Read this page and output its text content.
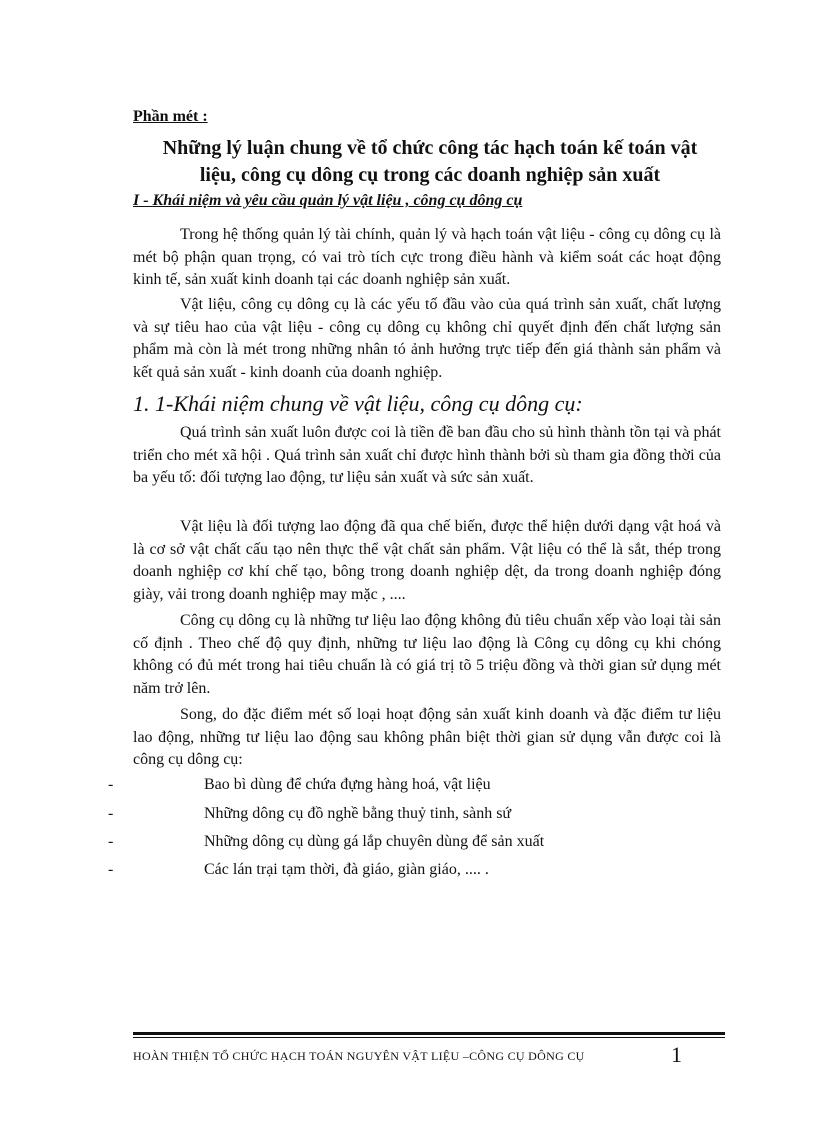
Phần mét :
Những lý luận chung về tổ chức công tác hạch toán kế toán vật
liệu, công cụ dông cụ trong các doanh nghiệp sản xuất
I - Khái niệm và yêu cầu quản lý vật liệu , công cụ dông cụ

Trong hệ thống quản lý tài chính, quản lý và hạch toán vật liệu - công cụ dông cụ là mét bộ phận quan trọng, có vai trò tích cực trong điều hành và kiểm soát các hoạt động kinh tế, sản xuất kinh doanh tại các doanh nghiệp sản xuất.

Vật liệu, công cụ dông cụ là các yếu tố đầu vào của quá trình sản xuất, chất lượng và sự tiêu hao của vật liệu - công cụ dông cụ không chỉ quyết định đến chất lượng sản phẩm mà còn là mét trong những nhân tó ảnh hưởng trực tiếp đến giá thành sản phẩm và kết quả sản xuất - kinh doanh của doanh nghiệp.

1. 1-Khái niệm chung về vật liệu, công cụ dông cụ:

Quá trình sản xuất luôn được coi là tiền đề ban đầu cho sủ hình thành tồn tại và phát triển cho mét xã hội . Quá trình sản xuất chỉ được hình thành bởi sù tham gia đồng thời của ba yếu tố: đối tượng lao động, tư liệu sản xuất và sức sản xuất.

Vật liệu là đối tượng lao động đã qua chế biến, được thể hiện dưới dạng vật hoá và là cơ sở vật chất cấu tạo nên thực thể vật chất sản phẩm. Vật liệu có thể là sắt, thép trong doanh nghiệp cơ khí chế tạo, bông trong doanh nghiệp dệt, da trong doanh nghiệp đóng giày, vải trong doanh nghiệp may mặc , ....

Công cụ dông cụ là những tư liệu lao động không đủ tiêu chuẩn xếp vào loại tài sản cố định . Theo chế độ quy định, những tư liệu lao động là Công cụ dông cụ khi chóng không có đủ mét trong hai tiêu chuẩn là có giá trị tõ 5 triệu đồng và thời gian sử dụng mét năm trở lên.

Song, do đặc điểm mét số loại hoạt động sản xuất kinh doanh và đặc điểm tư liệu lao động, những tư liệu lao động sau không phân biệt thời gian sử dụng vẫn được coi là công cụ dông cụ:

-	Bao bì dùng để chứa đựng hàng hoá, vật liệu
-	Những dông cụ đồ nghề bằng thuỷ tinh, sành sứ
-	Những dông cụ dùng gá lắp chuyên dùng để sản xuất
-	Các lán trại tạm thời, đà giáo, giàn giáo, .... .
HOÀN THIỆN TỔ CHỨC HẠCH TOÁN NGUYÊN VẬT LIỆU –CÔNG CỤ DÔNG CỤ	1
